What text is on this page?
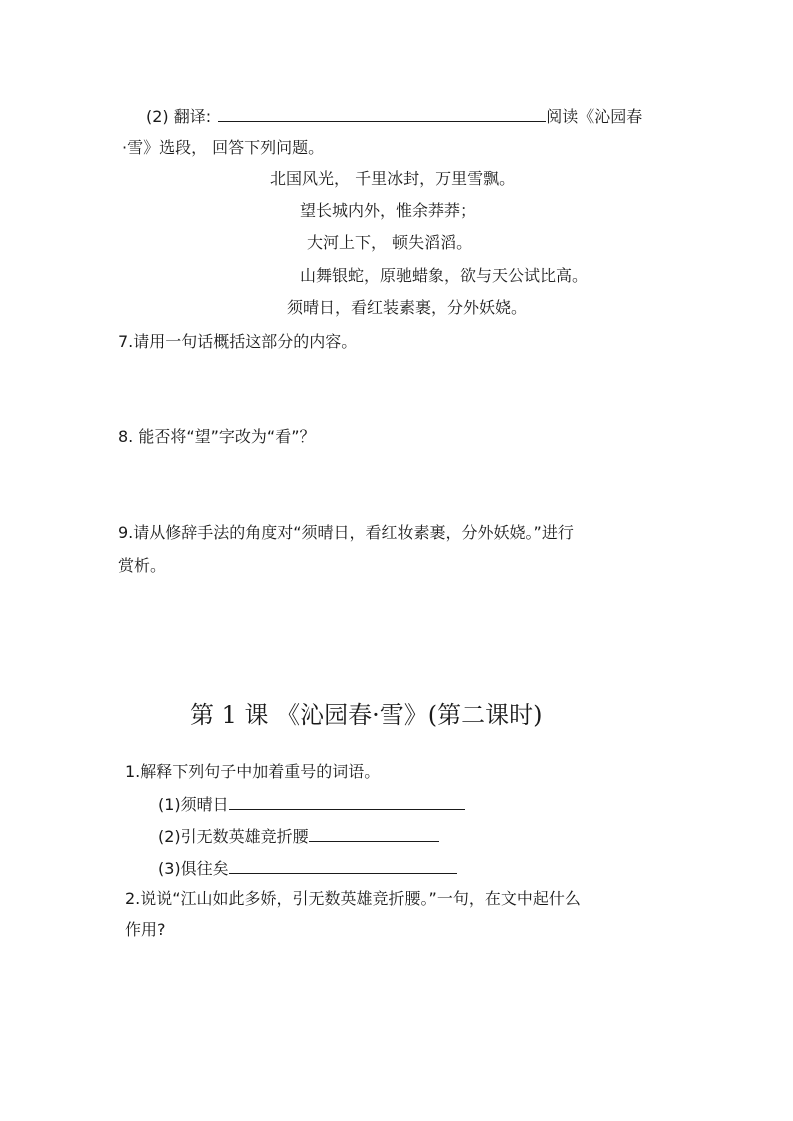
(2) 翻译:	阅读《沁园春
·雪》选段， 回答下列问题。
北国风光， 千里冰封，万里雪飘。
望长城内外，惟余莽莽；
大河上下， 顿失滔滔。
山舞银蛇，原驰蜡象，欲与天公试比高。
须晴日，看红装素裹，分外妖娆。
7.请用一句话概括这部分的内容。
8. 能否将“望”字改为“看”？
9.请从修辞手法的角度对“须晴日，看红妆素裹，分外妖娆。”进行
赏析。
第 1 课 《沁园春·雪》(第二课时)
1.解释下列句子中加着重号的词语。
(1)须晴日
(2)引无数英雄竞折腰
(3)俱往矣
2.说说“江山如此多娇，引无数英雄竞折腰。”一句，在文中起什么
作用?
